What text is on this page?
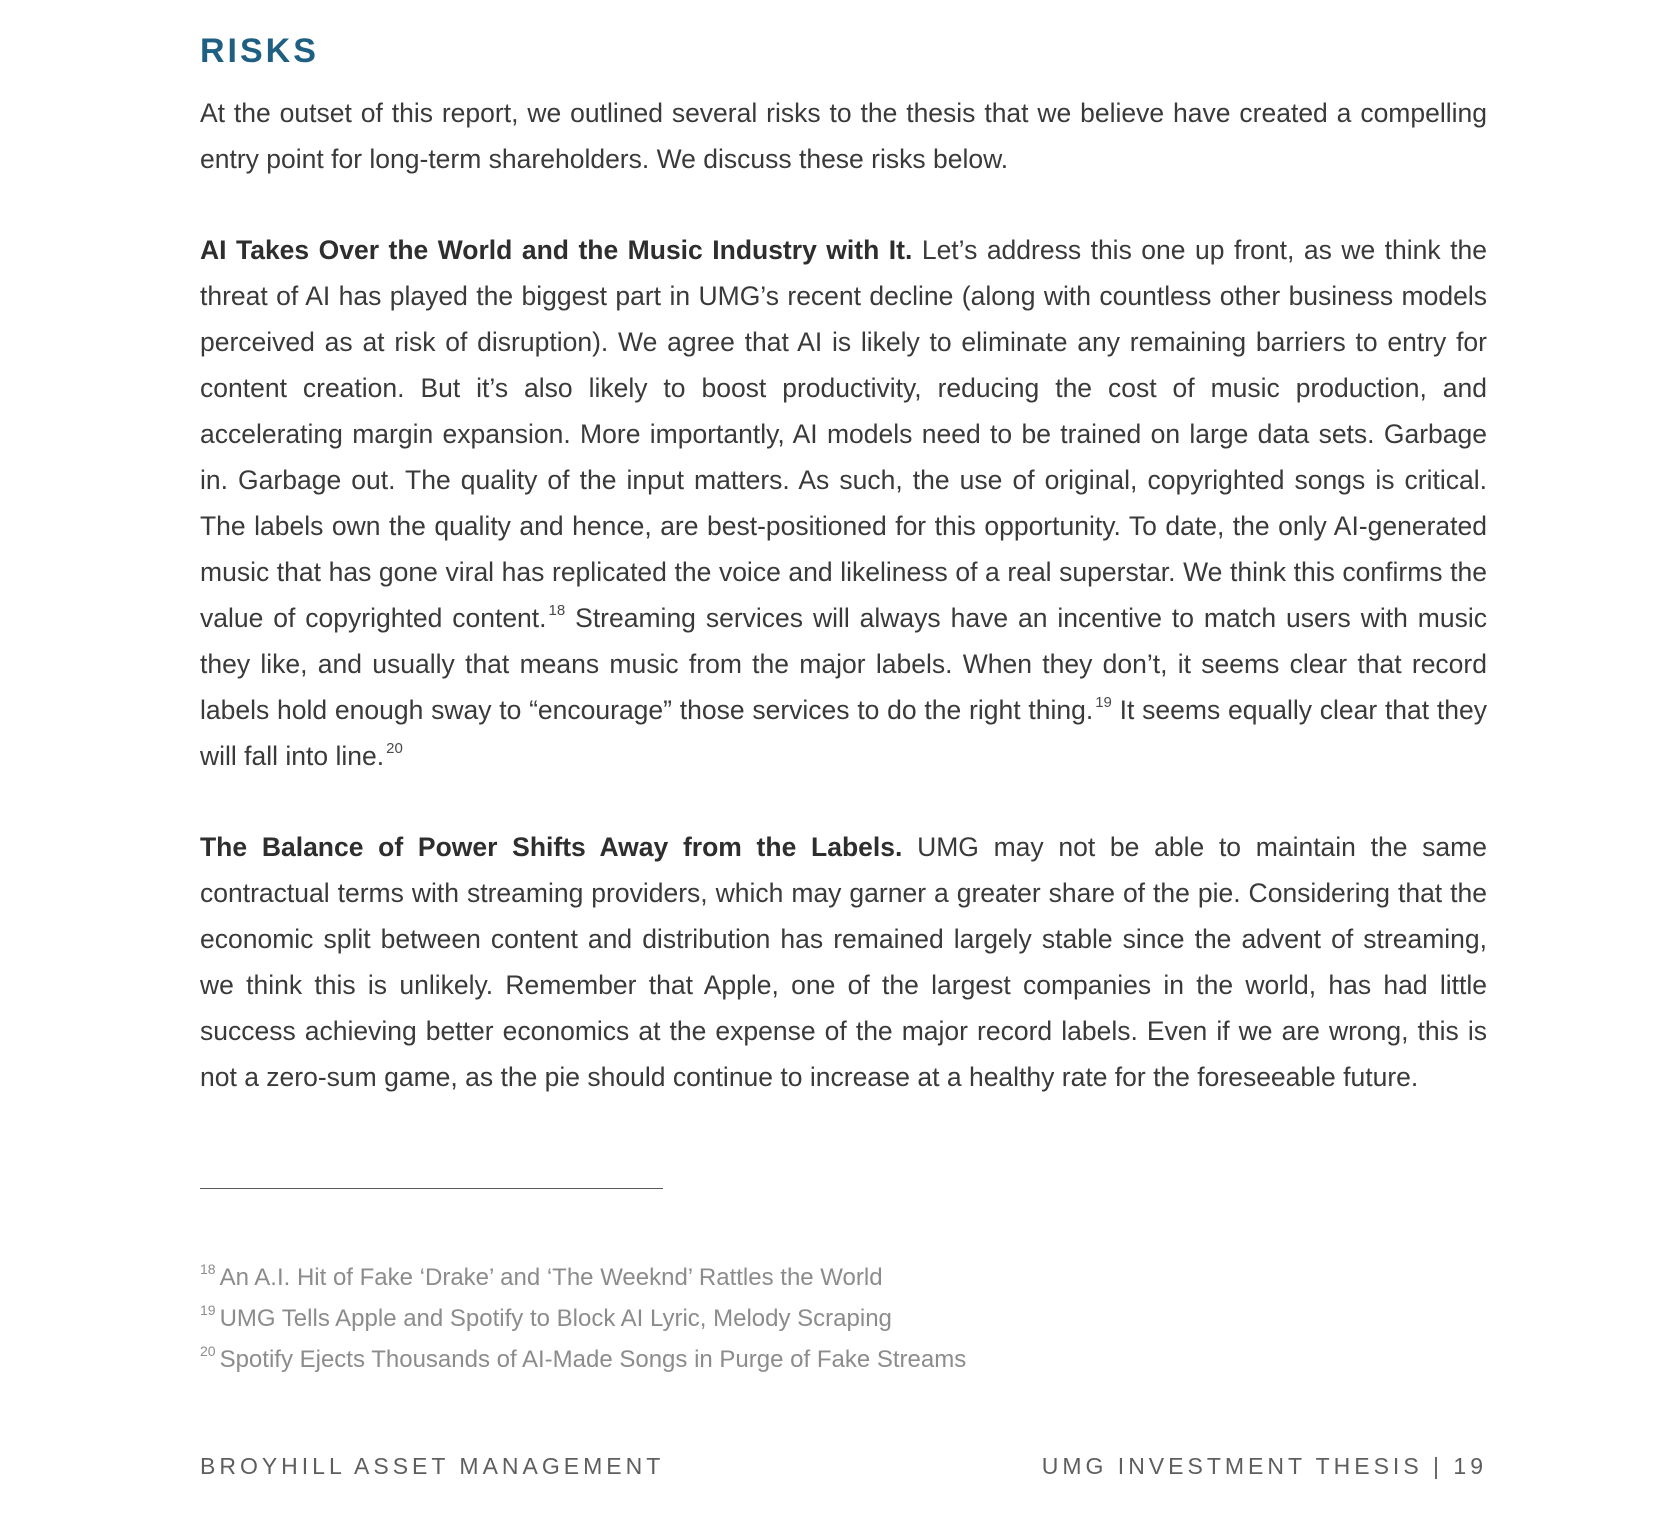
RISKS

At the outset of this report, we outlined several risks to the thesis that we believe have created a compelling entry point for long-term shareholders. We discuss these risks below.

AI Takes Over the World and the Music Industry with It. Let’s address this one up front, as we think the threat of AI has played the biggest part in UMG’s recent decline (along with countless other business models perceived as at risk of disruption). We agree that AI is likely to eliminate any remaining barriers to entry for content creation. But it’s also likely to boost productivity, reducing the cost of music production, and accelerating margin expansion. More importantly, AI models need to be trained on large data sets. Garbage in. Garbage out. The quality of the input matters. As such, the use of original, copyrighted songs is critical. The labels own the quality and hence, are best-positioned for this opportunity. To date, the only AI-generated music that has gone viral has replicated the voice and likeliness of a real superstar. We think this confirms the value of copyrighted content. $^{18}$ Streaming services will always have an incentive to match users with music they like, and usually that means music from the major labels. When they don’t, it seems clear that record labels hold enough sway to “encourage” those services to do the right thing. $^{19}$ It seems equally clear that they will fall into line. $^{20}$

The Balance of Power Shifts Away from the Labels. UMG may not be able to maintain the same contractual terms with streaming providers, which may garner a greater share of the pie. Considering that the economic split between content and distribution has remained largely stable since the advent of streaming, we think this is unlikely. Remember that Apple, one of the largest companies in the world, has had little success achieving better economics at the expense of the major record labels. Even if we are wrong, this is not a zero-sum game, as the pie should continue to increase at a healthy rate for the foreseeable future.

$^{18}$ An A.I. Hit of Fake ‘Drake’ and ‘The Weeknd’ Rattles the World
$^{19}$ UMG Tells Apple and Spotify to Block AI Lyric, Melody Scraping
$^{20}$ Spotify Ejects Thousands of AI-Made Songs in Purge of Fake Streams
BROYHILL ASSET MANAGEMENT	UMG INVESTMENT THESIS | 19
